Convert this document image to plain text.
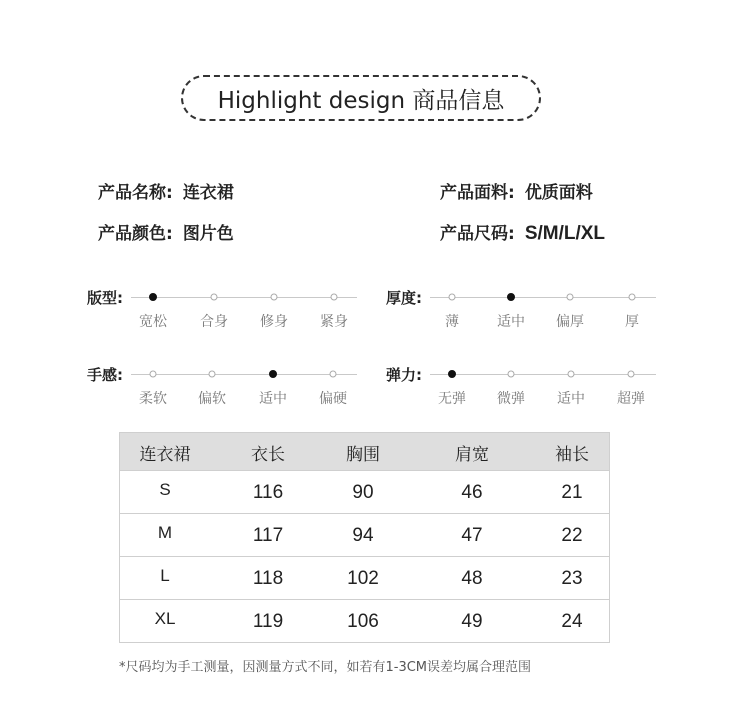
Highlight design 商品信息
产品名称: 连衣裙	产品面料: 优质面料
产品颜色: 图片色	产品尺码: S/M/L/XL
版型:
宽松 合身 修身 紧身
厚度:
薄	适中 偏厚	厚
手感:
柔软 偏软 适中 偏硬
弹力:
无弹 微弹 适中 超弹
连衣裙	衣长	胸围	肩宽	袖长
S	116	90	46	21
M	117	94	47	22
L	118	102	48	23
XL	119	106	49	24
*尺码均为手工测量，因测量方式不同，如若有1-3CM误差均属合理范围
